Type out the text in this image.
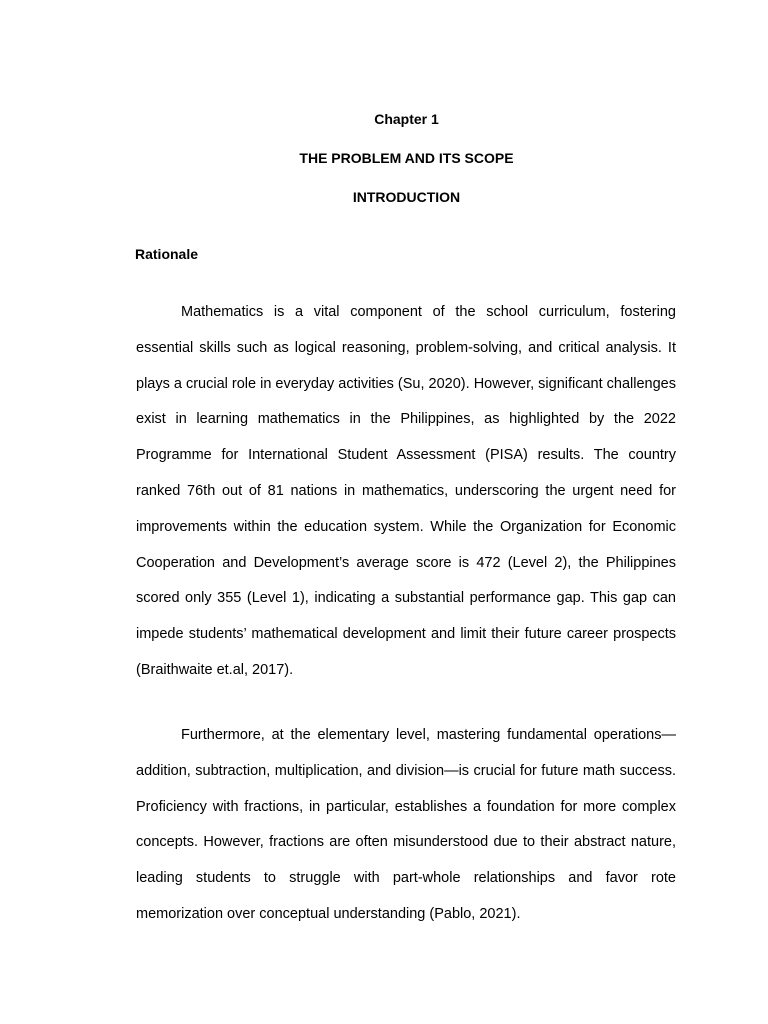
Chapter 1
THE PROBLEM AND ITS SCOPE
INTRODUCTION
Rationale

Mathematics is a vital component of the school curriculum, fostering essential skills such as logical reasoning, problem-solving, and critical analysis. It plays a crucial role in everyday activities (Su, 2020). However, significant challenges exist in learning mathematics in the Philippines, as highlighted by the 2022 Programme for International Student Assessment (PISA) results. The country ranked 76th out of 81 nations in mathematics, underscoring the urgent need for improvements within the education system. While the Organization for Economic Cooperation and Development’s average score is 472 (Level 2), the Philippines scored only 355 (Level 1), indicating a substantial performance gap. This gap can impede students’ mathematical development and limit their future career prospects (Braithwaite et.al, 2017).

Furthermore, at the elementary level, mastering fundamental operations—addition, subtraction, multiplication, and division—is crucial for future math success. Proficiency with fractions, in particular, establishes a foundation for more complex concepts. However, fractions are often misunderstood due to their abstract nature, leading students to struggle with part-whole relationships and favor rote memorization over conceptual understanding (Pablo, 2021).
